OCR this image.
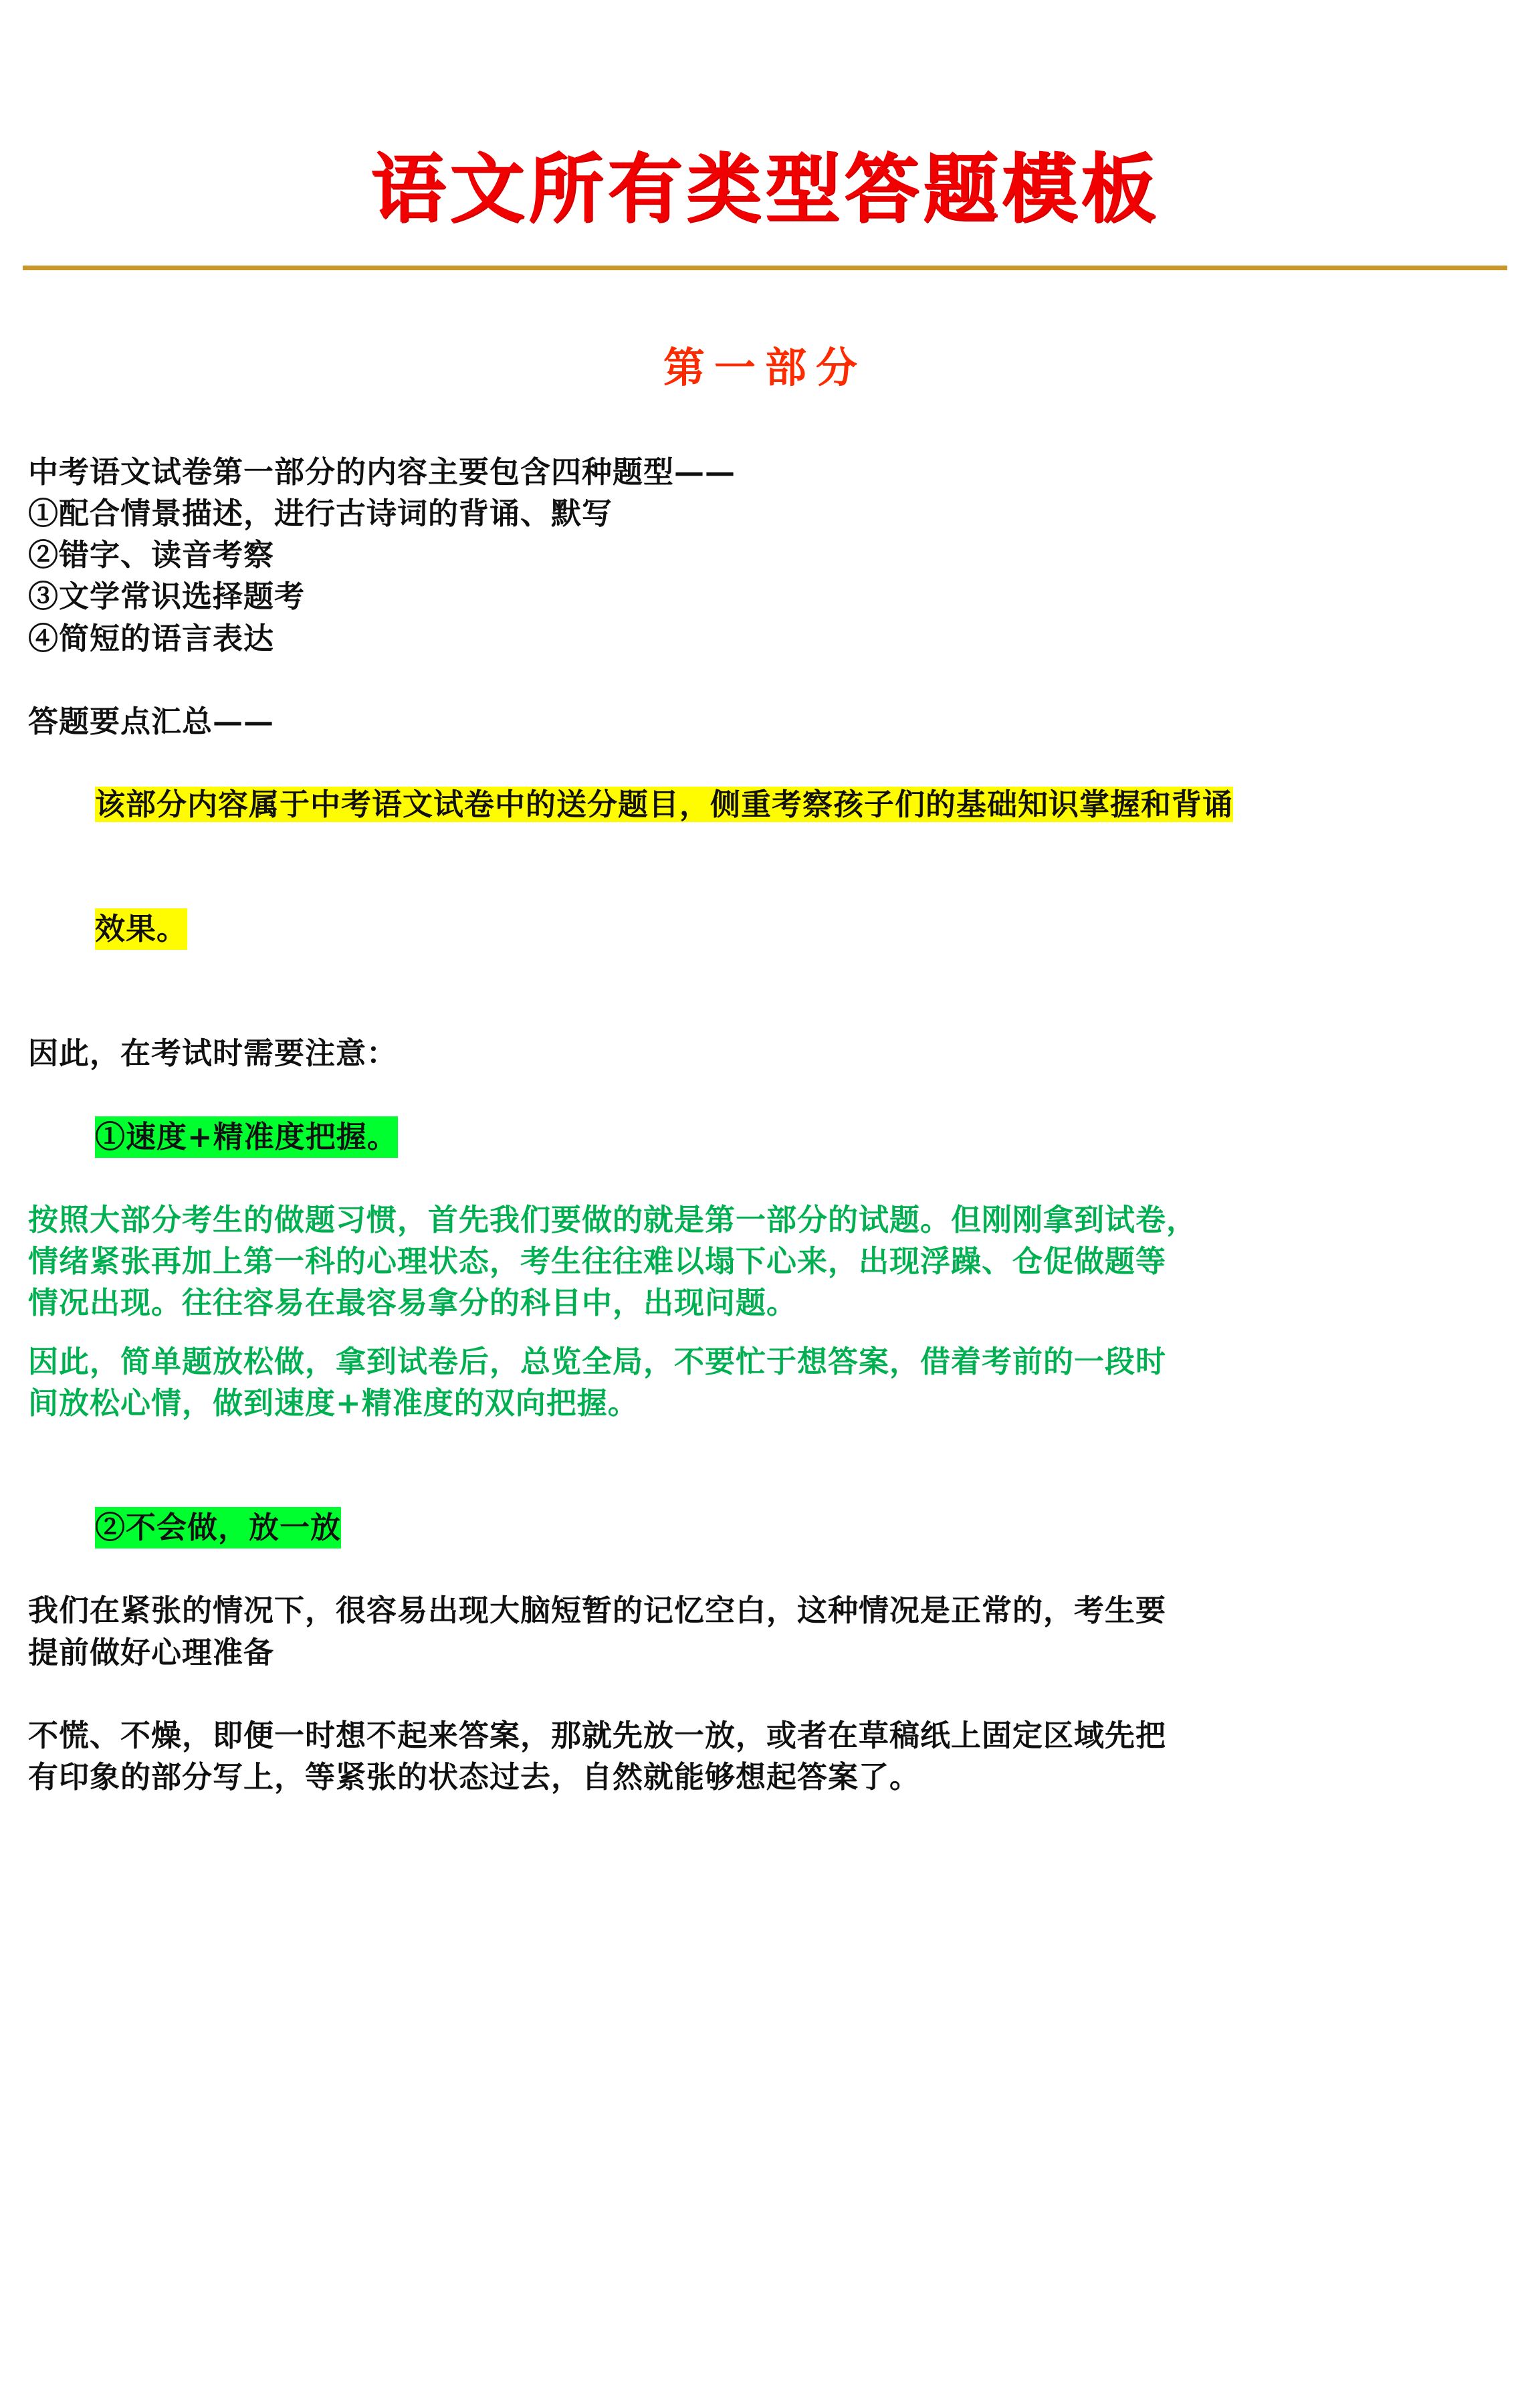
语文所有类型答题模板
第一部分
中考语文试卷第一部分的内容主要包含四种题型——
①配合情景描述，进行古诗词的背诵、默写
②错字、读音考察
③文学常识选择题考
④简短的语言表达
答题要点汇总——

该部分内容属于中考语文试卷中的送分题目，侧重考察孩子们的基础知识掌握和背诵

效果。

因此，在考试时需要注意：

①速度+精准度把握。

按照大部分考生的做题习惯，首先我们要做的就是第一部分的试题。但刚刚拿到试卷，
情绪紧张再加上第一科的心理状态，考生往往难以塌下心来，出现浮躁、仓促做题等
情况出现。往往容易在最容易拿分的科目中，出现问题。
因此，简单题放松做，拿到试卷后，总览全局，不要忙于想答案，借着考前的一段时
间放松心情，做到速度+精准度的双向把握。

②不会做，放一放

我们在紧张的情况下，很容易出现大脑短暂的记忆空白，这种情况是正常的，考生要
提前做好心理准备
不慌、不燥，即便一时想不起来答案，那就先放一放，或者在草稿纸上固定区域先把
有印象的部分写上，等紧张的状态过去，自然就能够想起答案了。
